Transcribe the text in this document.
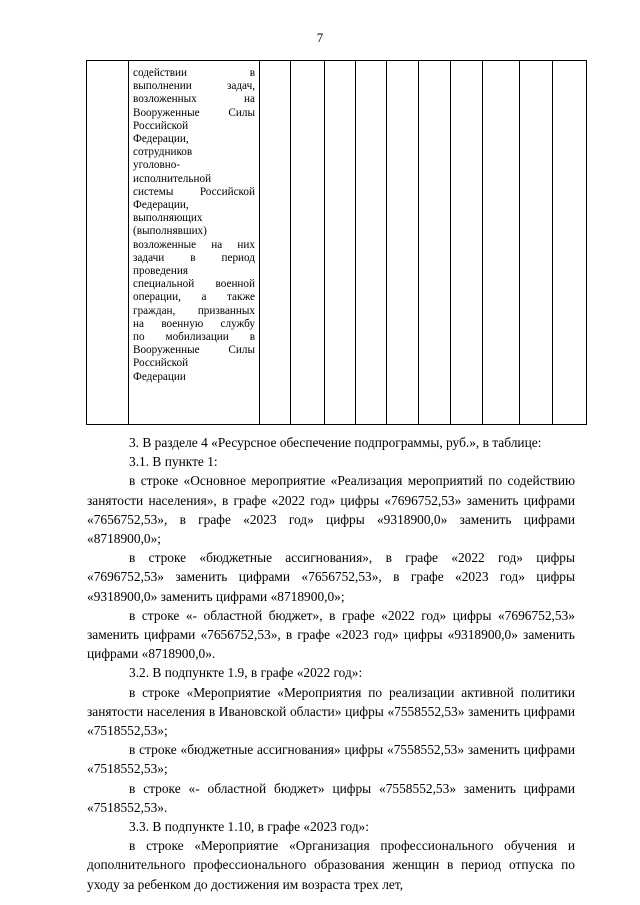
7

содействии в
выполнении задач,
возложенных на
Вооруженные Силы
Российской
Федерации,
сотрудников
уголовно-
исполнительной
системы Российской
Федерации,
выполняющих
(выполнявших)
возложенные на них
задачи в период
проведения
специальной военной
операции, а также
граждан, призванных
на военную службу
по мобилизации в
Вооруженные Силы
Российской
Федерации

3. В разделе 4 «Ресурсное обеспечение подпрограммы, руб.», в таблице:

3.1. В пункте 1:

в строке «Основное мероприятие «Реализация мероприятий по содействию занятости населения», в графе «2022 год» цифры «7696752,53» заменить цифрами «7656752,53», в графе «2023 год» цифры «9318900,0» заменить цифрами «8718900,0»;

в строке «бюджетные ассигнования», в графе «2022 год» цифры «7696752,53» заменить цифрами «7656752,53», в графе «2023 год» цифры «9318900,0» заменить цифрами «8718900,0»;

в строке «- областной бюджет», в графе «2022 год» цифры «7696752,53» заменить цифрами «7656752,53», в графе «2023 год» цифры «9318900,0» заменить цифрами «8718900,0».

3.2. В подпункте 1.9, в графе «2022 год»:

в строке «Мероприятие «Мероприятия по реализации активной политики занятости населения в Ивановской области» цифры «7558552,53» заменить цифрами «7518552,53»;

в строке «бюджетные ассигнования» цифры «7558552,53» заменить цифрами «7518552,53»;

в строке «- областной бюджет» цифры «7558552,53» заменить цифрами «7518552,53».

3.3. В подпункте 1.10, в графе «2023 год»:

в строке «Мероприятие «Организация профессионального обучения и дополнительного профессионального образования женщин в период отпуска по уходу за ребенком до достижения им возраста трех лет,
